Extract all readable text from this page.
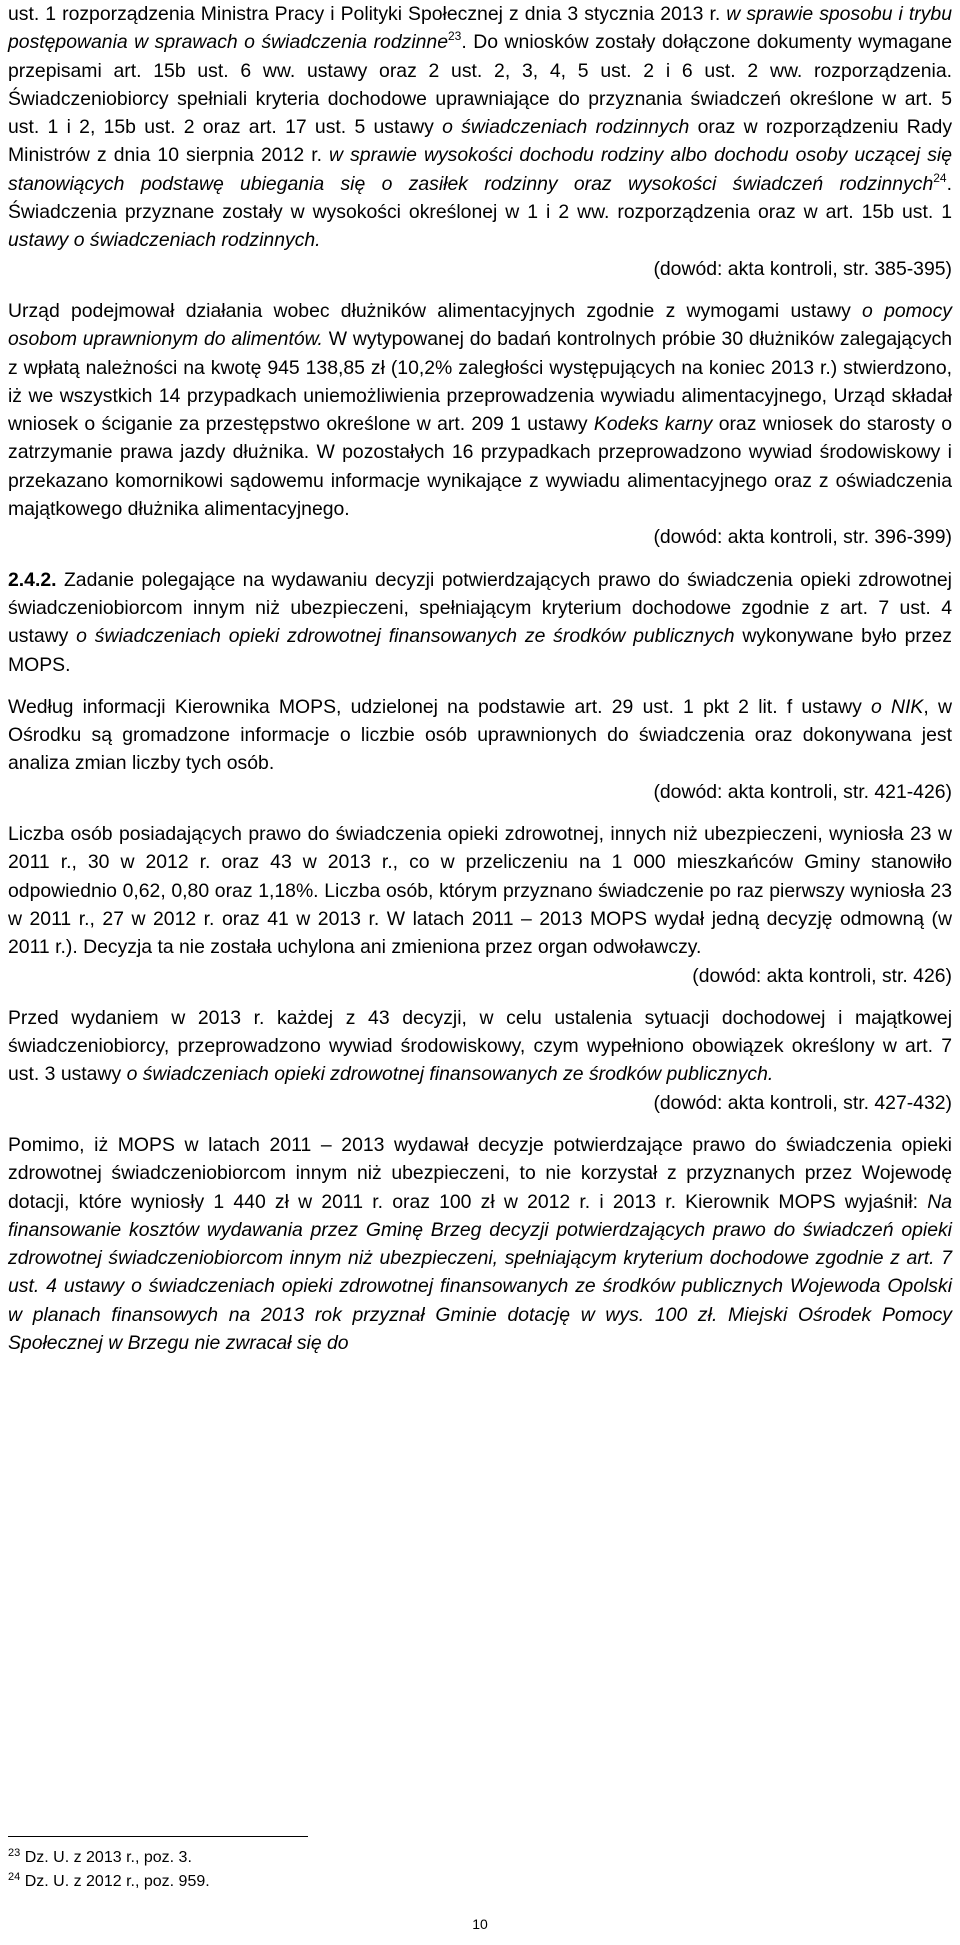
ust. 1 rozporządzenia Ministra Pracy i Polityki Społecznej z dnia 3 stycznia 2013 r. w sprawie sposobu i trybu postępowania w sprawach o świadczenia rodzinne$^{23}$. Do wniosków zostały dołączone dokumenty wymagane przepisami art. 15b ust. 6 ww. ustawy oraz 2 ust. 2, 3, 4, 5 ust. 2 i 6 ust. 2 ww. rozporządzenia. Świadczeniobiorcy spełniali kryteria dochodowe uprawniające do przyznania świadczeń określone w art. 5 ust. 1 i 2, 15b ust. 2 oraz art. 17 ust. 5 ustawy o świadczeniach rodzinnych oraz w rozporządzeniu Rady Ministrów z dnia 10 sierpnia 2012 r. w sprawie wysokości dochodu rodziny albo dochodu osoby uczącej się stanowiących podstawę ubiegania się o zasiłek rodzinny oraz wysokości świadczeń rodzinnych$^{24}$. Świadczenia przyznane zostały w wysokości określonej w 1 i 2 ww. rozporządzenia oraz w art. 15b ust. 1 ustawy o świadczeniach rodzinnych.

(dowód: akta kontroli, str. 385-395)

Urząd podejmował działania wobec dłużników alimentacyjnych zgodnie z wymogami ustawy o pomocy osobom uprawnionym do alimentów. W wytypowanej do badań kontrolnych próbie 30 dłużników zalegających z wpłatą należności na kwotę 945 138,85 zł (10,2% zaległości występujących na koniec 2013 r.) stwierdzono, iż we wszystkich 14 przypadkach uniemożliwienia przeprowadzenia wywiadu alimentacyjnego, Urząd składał wniosek o ściganie za przestępstwo określone w art. 209 1 ustawy Kodeks karny oraz wniosek do starosty o zatrzymanie prawa jazdy dłużnika. W pozostałych 16 przypadkach przeprowadzono wywiad środowiskowy i przekazano komornikowi sądowemu informacje wynikające z wywiadu alimentacyjnego oraz z oświadczenia majątkowego dłużnika alimentacyjnego.

(dowód: akta kontroli, str. 396-399)

2.4.2. Zadanie polegające na wydawaniu decyzji potwierdzających prawo do świadczenia opieki zdrowotnej świadczeniobiorcom innym niż ubezpieczeni, spełniającym kryterium dochodowe zgodnie z art. 7 ust. 4 ustawy o świadczeniach opieki zdrowotnej finansowanych ze środków publicznych wykonywane było przez MOPS.

Według informacji Kierownika MOPS, udzielonej na podstawie art. 29 ust. 1 pkt 2 lit. f ustawy o NIK, w Ośrodku są gromadzone informacje o liczbie osób uprawnionych do świadczenia oraz dokonywana jest analiza zmian liczby tych osób.

(dowód: akta kontroli, str. 421-426)

Liczba osób posiadających prawo do świadczenia opieki zdrowotnej, innych niż ubezpieczeni, wyniosła 23 w 2011 r., 30 w 2012 r. oraz 43 w 2013 r., co w przeliczeniu na 1 000 mieszkańców Gminy stanowiło odpowiednio 0,62, 0,80 oraz 1,18%. Liczba osób, którym przyznano świadczenie po raz pierwszy wyniosła 23 w 2011 r., 27 w 2012 r. oraz 41 w 2013 r. W latach 2011 – 2013 MOPS wydał jedną decyzję odmowną (w 2011 r.). Decyzja ta nie została uchylona ani zmieniona przez organ odwoławczy.

(dowód: akta kontroli, str. 426)

Przed wydaniem w 2013 r. każdej z 43 decyzji, w celu ustalenia sytuacji dochodowej i majątkowej świadczeniobiorcy, przeprowadzono wywiad środowiskowy, czym wypełniono obowiązek określony w art. 7 ust. 3 ustawy o świadczeniach opieki zdrowotnej finansowanych ze środków publicznych.

(dowód: akta kontroli, str. 427-432)

Pomimo, iż MOPS w latach 2011 – 2013 wydawał decyzje potwierdzające prawo do świadczenia opieki zdrowotnej świadczeniobiorcom innym niż ubezpieczeni, to nie korzystał z przyznanych przez Wojewodę dotacji, które wyniosły 1 440 zł w 2011 r. oraz 100 zł w 2012 r. i 2013 r. Kierownik MOPS wyjaśnił: Na finansowanie kosztów wydawania przez Gminę Brzeg decyzji potwierdzających prawo do świadczeń opieki zdrowotnej świadczeniobiorcom innym niż ubezpieczeni, spełniającym kryterium dochodowe zgodnie z art. 7 ust. 4 ustawy o świadczeniach opieki zdrowotnej finansowanych ze środków publicznych Wojewoda Opolski w planach finansowych na 2013 rok przyznał Gminie dotację w wys. 100 zł. Miejski Ośrodek Pomocy Społecznej w Brzegu nie zwracał się do

$^{23}$ Dz. U. z 2013 r., poz. 3.
$^{24}$ Dz. U. z 2012 r., poz. 959.
10
